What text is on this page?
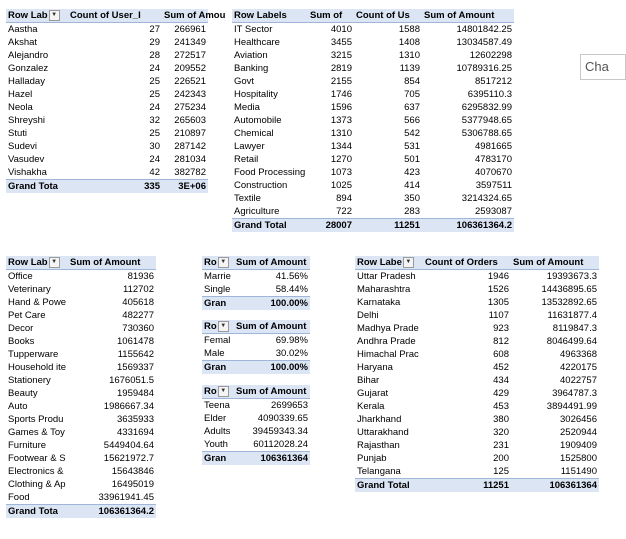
Row Lab ▼	Count of User_I	Sum of Amou
Aastha	27	266961
Akshat	29	241349
Alejandro	28	272517
Gonzalez	24	209552
Halladay	25	226521
Hazel	25	242343
Neola	24	275234
Shreyshi	32	265603
Stuti	25	210897
Sudevi	30	287142
Vasudev	24	281034
Vishakha	42	382782
Grand Tota	335	3E+06
Row Labels	Sum of	Count of Us	Sum of Amount
IT Sector	4010	1588	14801842.25
Healthcare	3455	1408	13034587.49
Aviation	3215	1310	12602298
Banking	2819	1139	10789316.25
Govt	2155	854	8517212
Hospitality	1746	705	6395110.3
Media	1596	637	6295832.99
Automobile	1373	566	5377948.65
Chemical	1310	542	5306788.65
Lawyer	1344	531	4981665
Retail	1270	501	4783170
Food Processing	1073	423	4070670
Construction	1025	414	3597511
Textile	894	350	3214324.65
Agriculture	722	283	2593087
Grand Total	28007	11251	106361364.2
Row Lab ▼	Sum of Amount
Office	81936
Veterinary	112702
Hand & Powe	405618
Pet Care	482277
Decor	730360
Books	1061478
Tupperware	1155642
Household ite	1569337
Stationery	1676051.5
Beauty	1959484
Auto	1986667.34
Sports Produ	3635933
Games & Toy	4331694
Furniture	5449404.64
Footwear & S	15621972.7
Electronics &	15643846
Clothing & Ap	16495019
Food	33961941.45
Grand Tota	106361364.2
Ro ▼	Sum of Amount
Marrie	41.56%
Single	58.44%
Gran	100.00%
Ro ▼	Sum of Amount
Femal	69.98%
Male	30.02%
Gran	100.00%
Ro ▼	Sum of Amount
Teena	2699653
Elder	4090339.65
Adults	39459343.34
Youth	60112028.24
Gran	106361364
Row Labe ▼	Count of Orders	Sum of Amount
Uttar Pradesh	1946	19393673.3
Maharashtra	1526	14436895.65
Karnataka	1305	13532892.65
Delhi	1107	11631877.4
Madhya Prade	923	8119847.3
Andhra Prade	812	8046499.64
Himachal Prac	608	4963368
Haryana	452	4220175
Bihar	434	4022757
Gujarat	429	3964787.3
Kerala	453	3894491.99
Jharkhand	380	3026456
Uttarakhand	320	2520944
Rajasthan	231	1909409
Punjab	200	1525800
Telangana	125	1151490
Grand Total	11251	106361364
Cha
